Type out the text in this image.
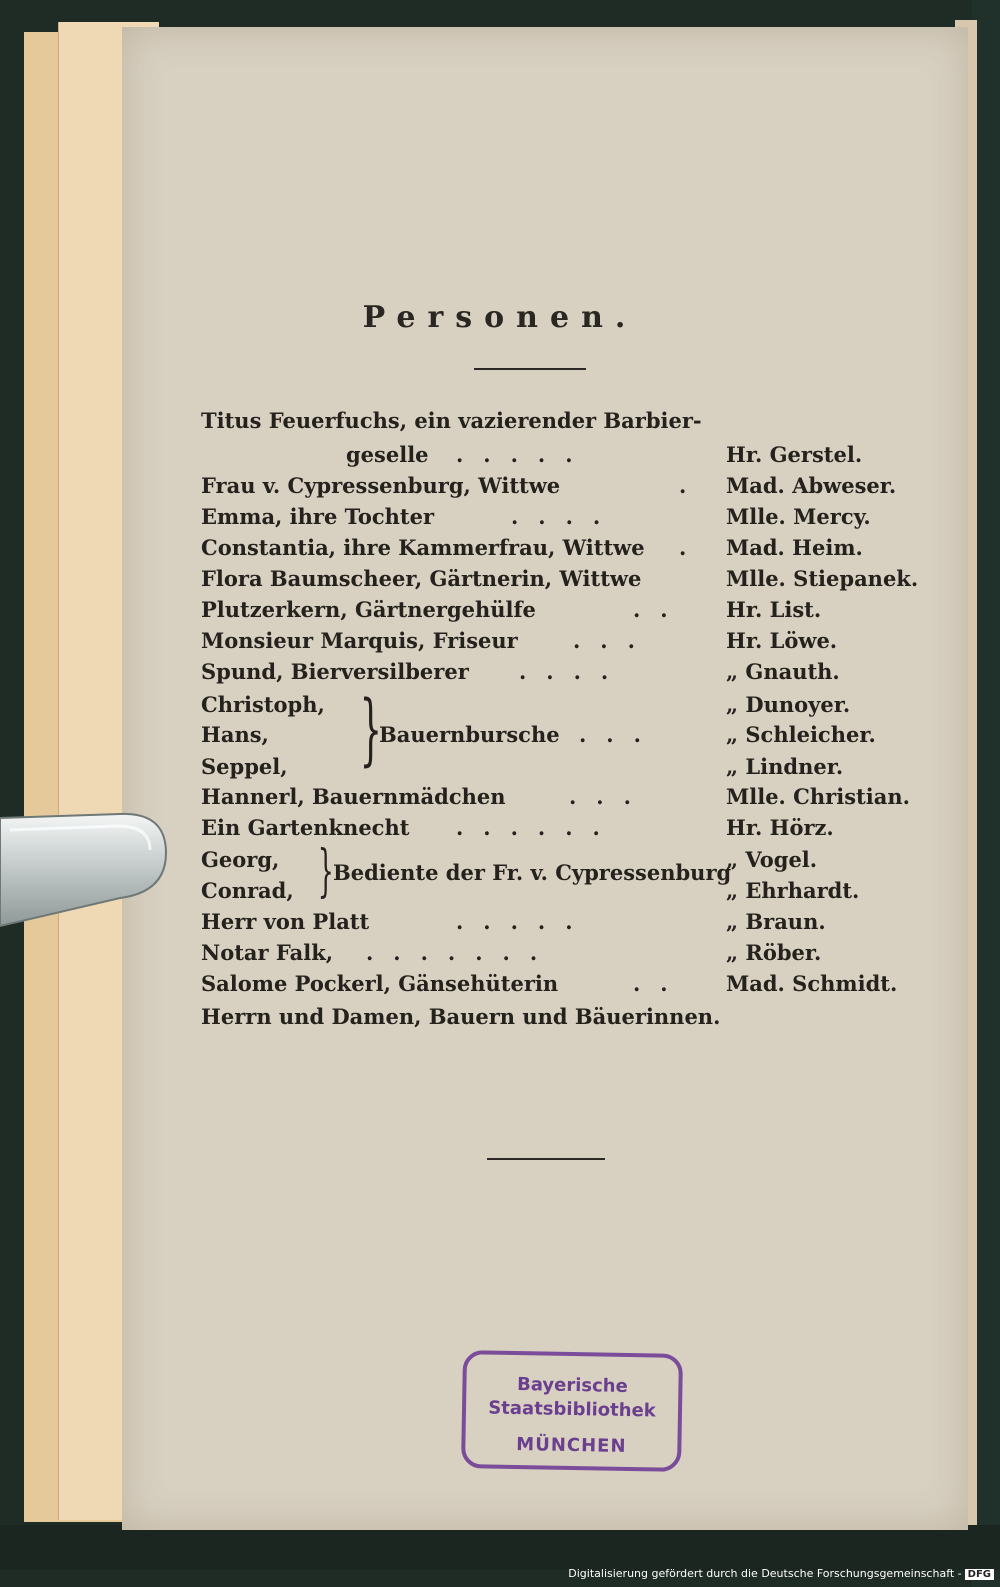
Personen.
Titus Feuerfuchs, ein vazierender Barbier-
gesellе .....	Hr. Gerstel.
Frau v. Cypressenburg, Wittwe	. Mad. Abweser.
Emma, ihre Tochter	....	Mlle. Mercy.
Constantia, ihre Kammerfrau, Wittwe . Mad. Heim.
Flora Baumscheer, Gärtnerin, Wittwe	Mlle. Stiepanek.
Plutzerkern, Gärtnergehülfe	.. Hr. List.
Monsieur Marquis, Friseur	...	Hr. Löwe.
Spund, Bierversilberer ....	„ Gnauth.
Christoph,	„ Dunoyer.
Hans,	Bauernbursche ...	„ Schleicher.
Seppel,	„ Lindner.
}
Hannerl, Bauernmädchen	...	Mlle. Christian.
Ein Gartenknecht ......	Hr. Hörz.
Georg,	„ Vogel.
Conrad,	„ Ehrhardt.
} Bediente der Fr. v. Cypressenburg
Herr von Platt	.....	„ Braun.
Notar Falk, .......	„ Röber.
Salome Pockerl, Gänsehüterin	.. Mad. Schmidt.
Herrn und Damen, Bauern und Bäuerinnen.
Bayerische
Staatsbibliothek
MÜNCHEN
Digitalisierung gefördert durch die Deutsche Forschungsgemeinschaft - DFG
